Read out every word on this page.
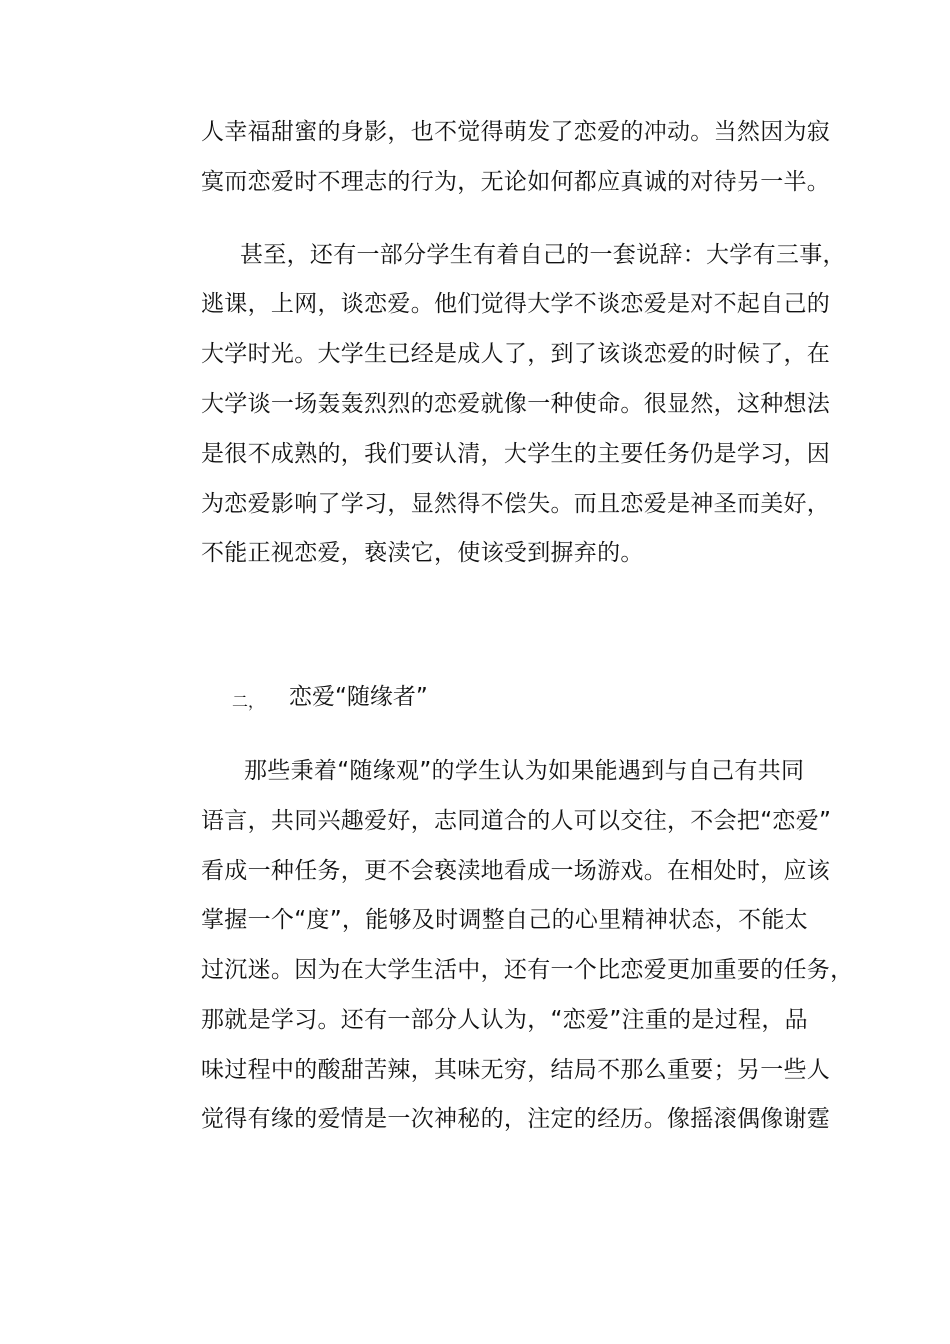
人幸福甜蜜的身影，也不觉得萌发了恋爱的冲动。当然因为寂
寞而恋爱时不理志的行为，无论如何都应真诚的对待另一半。
甚至，还有一部分学生有着自己的一套说辞：大学有三事，
逃课，上网，谈恋爱。他们觉得大学不谈恋爱是对不起自己的
大学时光。大学生已经是成人了，到了该谈恋爱的时候了，在
大学谈一场轰轰烈烈的恋爱就像一种使命。很显然，这种想法
是很不成熟的，我们要认清，大学生的主要任务仍是学习，因
为恋爱影响了学习，显然得不偿失。而且恋爱是神圣而美好，
不能正视恋爱，亵渎它，使该受到摒弃的。
二， 恋爱“随缘者”
那些秉着“随缘观”的学生认为如果能遇到与自己有共同
语言，共同兴趣爱好，志同道合的人可以交往，不会把“恋爱”
看成一种任务，更不会亵渎地看成一场游戏。在相处时，应该
掌握一个“度”，能够及时调整自己的心里精神状态，不能太
过沉迷。因为在大学生活中，还有一个比恋爱更加重要的任务，
那就是学习。还有一部分人认为，“恋爱”注重的是过程，品
味过程中的酸甜苦辣，其味无穷，结局不那么重要；另一些人
觉得有缘的爱情是一次神秘的，注定的经历。像摇滚偶像谢霆
